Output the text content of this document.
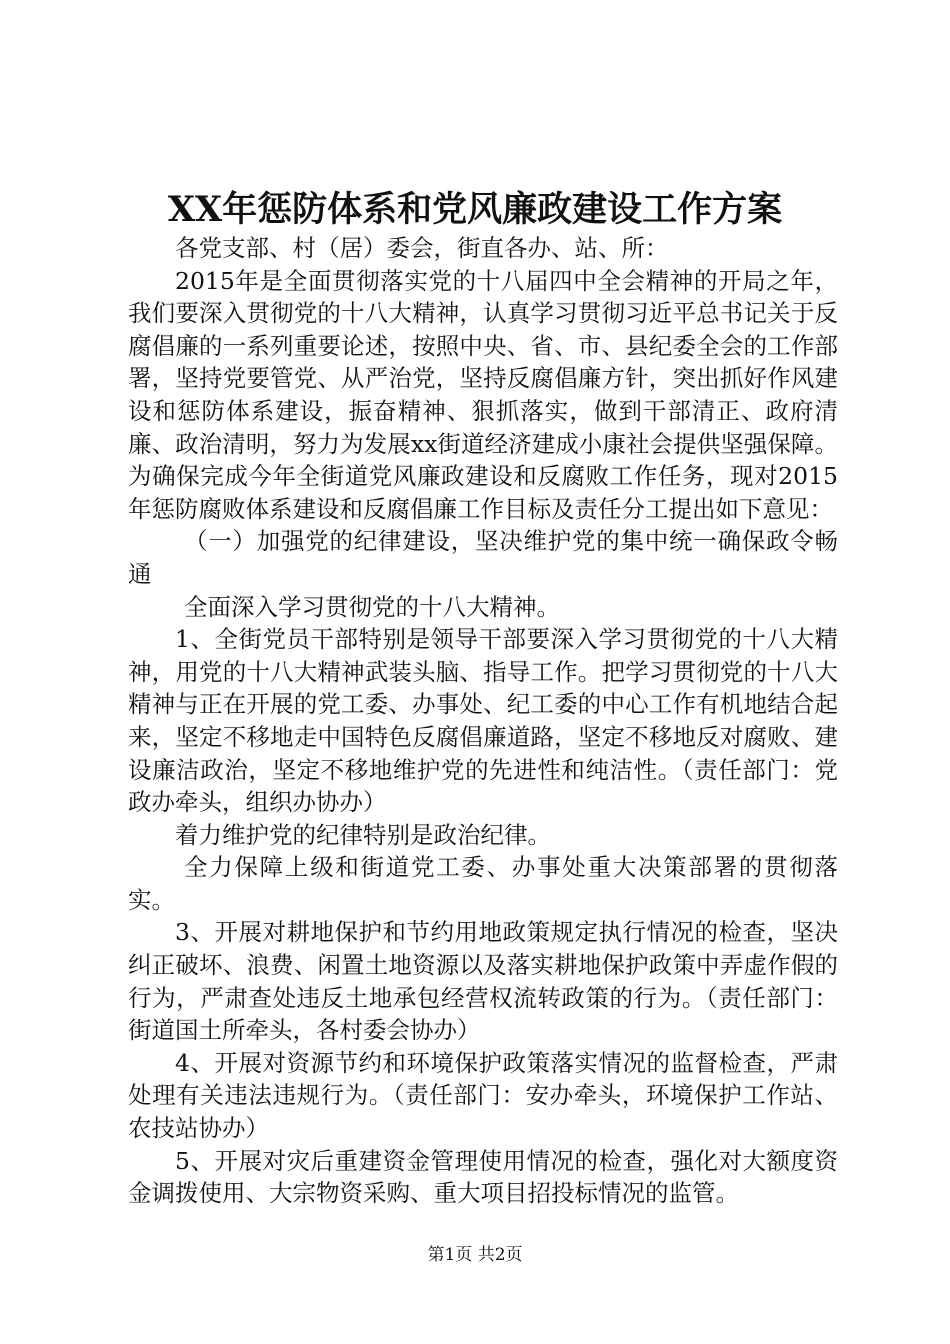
XX年惩防体系和党风廉政建设工作方案

各党支部、村（居）委会，街直各办、站、所：

2015年是全面贯彻落实党的十八届四中全会精神的开局之年，我们要深入贯彻党的十八大精神，认真学习贯彻习近平总书记关于反腐倡廉的一系列重要论述，按照中央、省、市、县纪委全会的工作部署，坚持党要管党、从严治党，坚持反腐倡廉方针，突出抓好作风建设和惩防体系建设，振奋精神、狠抓落实，做到干部清正、政府清廉、政治清明，努力为发展xx街道经济建成小康社会提供坚强保障。为确保完成今年全街道党风廉政建设和反腐败工作任务，现对2015年惩防腐败体系建设和反腐倡廉工作目标及责任分工提出如下意见：

（一）加强党的纪律建设，坚决维护党的集中统一确保政令畅通

全面深入学习贯彻党的十八大精神。

1、全街党员干部特别是领导干部要深入学习贯彻党的十八大精神，用党的十八大精神武装头脑、指导工作。把学习贯彻党的十八大精神与正在开展的党工委、办事处、纪工委的中心工作有机地结合起来，坚定不移地走中国特色反腐倡廉道路，坚定不移地反对腐败、建设廉洁政治，坚定不移地维护党的先进性和纯洁性。（责任部门：党政办牵头，组织办协办）

着力维护党的纪律特别是政治纪律。

全力保障上级和街道党工委、办事处重大决策部署的贯彻落实。

3、开展对耕地保护和节约用地政策规定执行情况的检查，坚决纠正破坏、浪费、闲置土地资源以及落实耕地保护政策中弄虚作假的行为，严肃查处违反土地承包经营权流转政策的行为。（责任部门：街道国土所牵头，各村委会协办）

4、开展对资源节约和环境保护政策落实情况的监督检查，严肃处理有关违法违规行为。（责任部门：安办牵头，环境保护工作站、农技站协办）

5、开展对灾后重建资金管理使用情况的检查，强化对大额度资金调拨使用、大宗物资采购、重大项目招投标情况的监管。

第1页 共2页
